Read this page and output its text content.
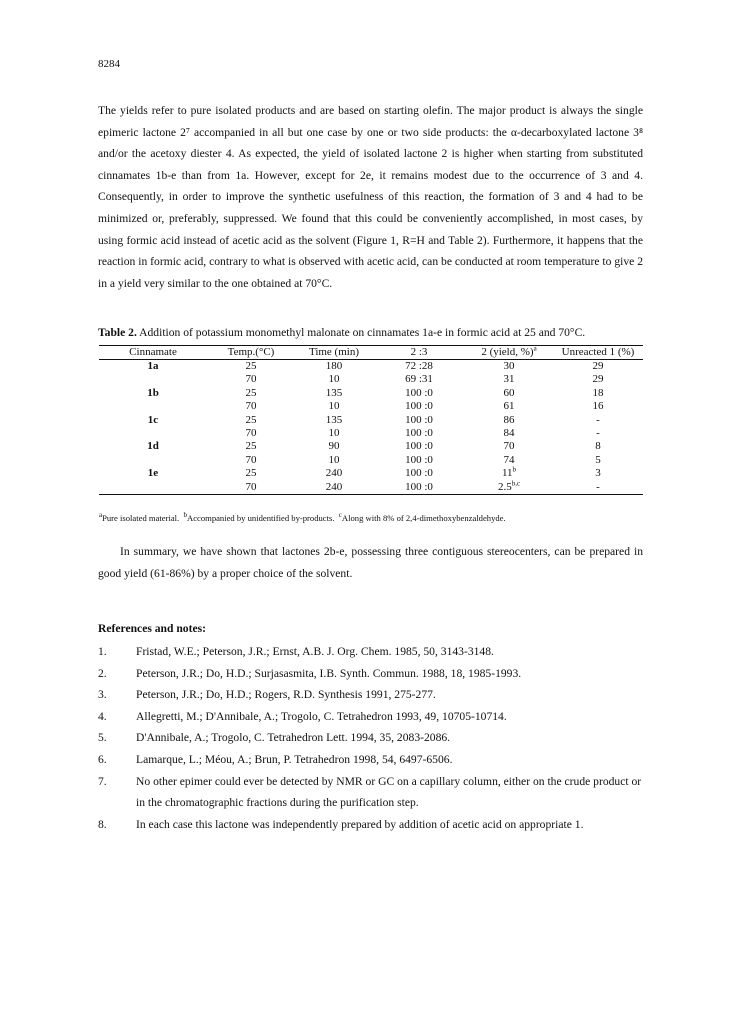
8284

The yields refer to pure isolated products and are based on starting olefin. The major product is always the single epimeric lactone 2⁷ accompanied in all but one case by one or two side products: the α-decarboxylated lactone 3⁸ and/or the acetoxy diester 4. As expected, the yield of isolated lactone 2 is higher when starting from substituted cinnamates 1b-e than from 1a. However, except for 2e, it remains modest due to the occurrence of 3 and 4. Consequently, in order to improve the synthetic usefulness of this reaction, the formation of 3 and 4 had to be minimized or, preferably, suppressed. We found that this could be conveniently accomplished, in most cases, by using formic acid instead of acetic acid as the solvent (Figure 1, R=H and Table 2). Furthermore, it happens that the reaction in formic acid, contrary to what is observed with acetic acid, can be conducted at room temperature to give 2 in a yield very similar to the one obtained at 70°C.

Table 2. Addition of potassium monomethyl malonate on cinnamates 1a-e in formic acid at 25 and 70°C.
Cinnamate	Temp.(°C)	Time (min)	2 :3	2 (yield, %)$^a$	Unreacted 1 (%)
1a	25	180	72 :28	30	29
	70	10	69 :31	31	29
1b	25	135	100 :0	60	18
	70	10	100 :0	61	16
1c	25	135	100 :0	86	-
	70	10	100 :0	84	-
1d	25	90	100 :0	70	8
	70	10	100 :0	74	5
1e	25	240	100 :0	11$^b$	3
	70	240	100 :0	2.5$^{b,c}$	-
$^a$Pure isolated material. $^b$Accompanied by unidentified by-products. $^c$Along with 8% of 2,4-dimethoxybenzaldehyde.

In summary, we have shown that lactones 2b-e, possessing three contiguous stereocenters, can be prepared in good yield (61-86%) by a proper choice of the solvent.

References and notes:
1.	Fristad, W.E.; Peterson, J.R.; Ernst, A.B. J. Org. Chem. 1985, 50, 3143-3148.
2.	Peterson, J.R.; Do, H.D.; Surjasasmita, I.B. Synth. Commun. 1988, 18, 1985-1993.
3.	Peterson, J.R.; Do, H.D.; Rogers, R.D. Synthesis 1991, 275-277.
4.	Allegretti, M.; D'Annibale, A.; Trogolo, C. Tetrahedron 1993, 49, 10705-10714.
5.	D'Annibale, A.; Trogolo, C. Tetrahedron Lett. 1994, 35, 2083-2086.
6.	Lamarque, L.; Méou, A.; Brun, P. Tetrahedron 1998, 54, 6497-6506.
7.	No other epimer could ever be detected by NMR or GC on a capillary column, either on the crude product or in the chromatographic fractions during the purification step.
8.	In each case this lactone was independently prepared by addition of acetic acid on appropriate 1.
